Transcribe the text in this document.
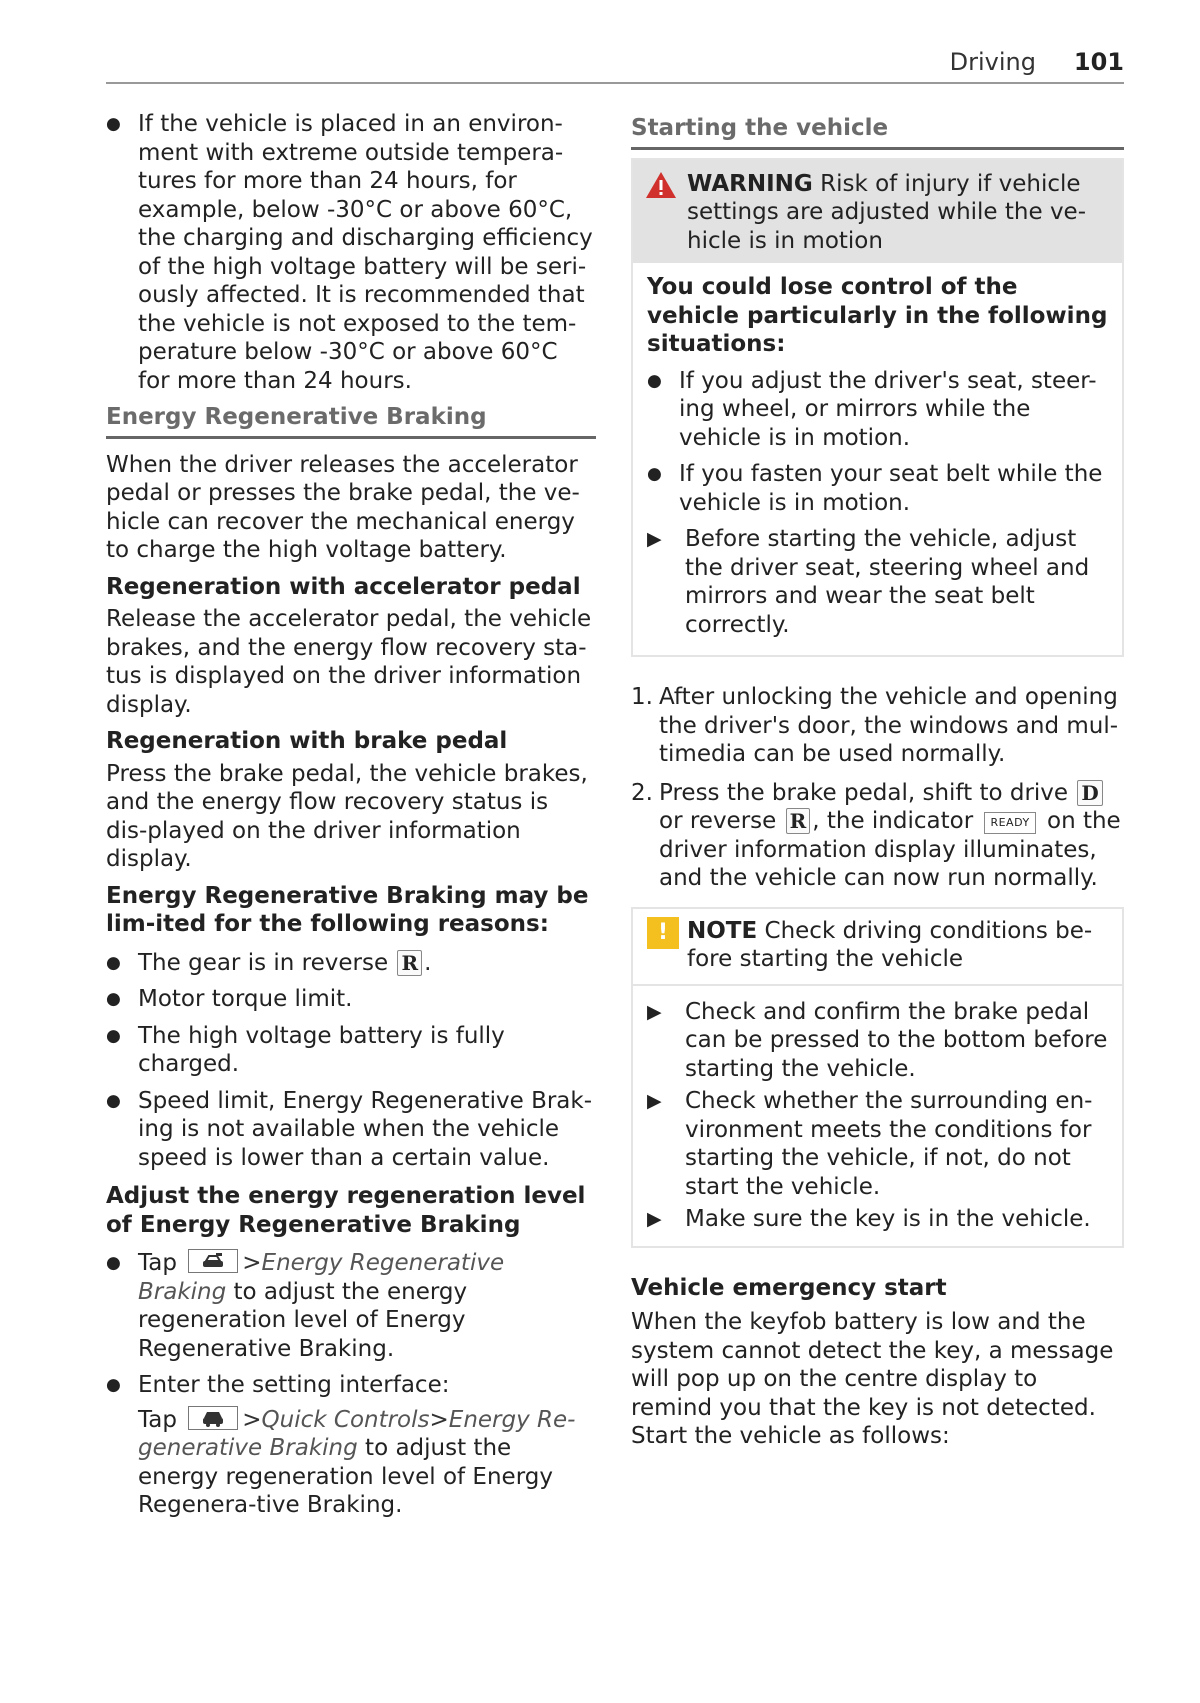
Driving 101
● If the vehicle is placed in an environ-ment with extreme outside tempera-tures for more than 24 hours, for example, below -30°C or above 60°C, the charging and discharging efficiency of the high voltage battery will be seri-ously affected. It is recommended that the vehicle is not exposed to the tem-perature below -30°C or above 60°C for more than 24 hours.
Energy Regenerative Braking

When the driver releases the accelerator pedal or presses the brake pedal, the ve-hicle can recover the mechanical energy to charge the high voltage battery.

Regeneration with accelerator pedal

Release the accelerator pedal, the vehicle brakes, and the energy flow recovery sta-tus is displayed on the driver information display.

Regeneration with brake pedal

Press the brake pedal, the vehicle brakes, and the energy flow recovery status is dis-played on the driver information display.

Energy Regenerative Braking may be lim-ited for the following reasons:
● The gear is in reverse R .
● Motor torque limit.
● The high voltage battery is fully charged.
● Speed limit, Energy Regenerative Brak-ing is not available when the vehicle speed is lower than a certain value.
Adjust the energy regeneration level of Energy Regenerative Braking
● Tap	>Energy Regenerative Braking to adjust the energy regeneration level of Energy Regenerative Braking.
● Enter the setting interface:
Tap	>Quick Controls>Energy Re-generative Braking to adjust the energy regeneration level of Energy Regenera-tive Braking.
Starting the vehicle
WARNING Risk of injury if vehicle settings are adjusted while the ve-hicle is in motion
You could lose control of the vehicle particularly in the following situations:
● If you adjust the driver's seat, steer-ing wheel, or mirrors while the vehicle is in motion.
● If you fasten your seat belt while the vehicle is in motion.
▶ Before starting the vehicle, adjust the driver seat, steering wheel and mirrors and wear the seat belt correctly.
1. After unlocking the vehicle and opening the driver's door, the windows and mul-timedia can be used normally.
2. Press the brake pedal, shift to drive D or reverse R , the indicator READY on the driver information display illuminates, and the vehicle can now run normally.
! NOTE Check driving conditions be-fore starting the vehicle
▶ Check and confirm the brake pedal can be pressed to the bottom before starting the vehicle.
▶ Check whether the surrounding en-vironment meets the conditions for starting the vehicle, if not, do not start the vehicle.
▶ Make sure the key is in the vehicle.
Vehicle emergency start

When the keyfob battery is low and the system cannot detect the key, a message will pop up on the centre display to remind you that the key is not detected. Start the vehicle as follows:
